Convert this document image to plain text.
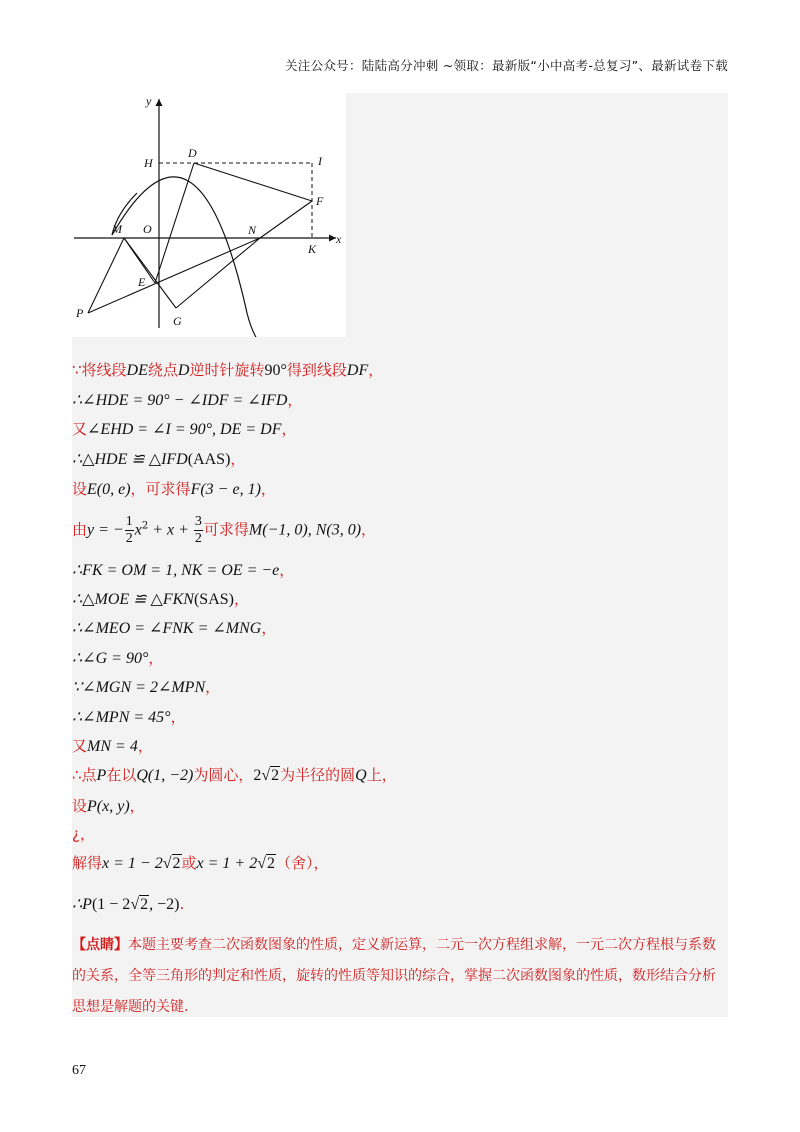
关注公众号：陆陆高分冲刺 ~领取：最新版“小中高考-总复习”、最新试卷下载
y
x
H
D
I
F
M O	N
K
E
P
G
∵将线段DE绕点D逆时针旋转90°得到线段DF，
∴∠HDE = 90° − ∠IDF = ∠IFD，
又∠EHD = ∠I = 90°, DE = DF，
∴△HDE ≌ △IFD(AAS)，
设E(0, e)，可求得F(3 − e, 1)，
由y = − $\frac{1}{2} x^2 + x + \frac{3}{2}$ 可求得M(−1, 0), N(3, 0)，
∴FK = OM = 1, NK = OE = −e，
∴△MOE ≌ △FKN(SAS)，
∴∠MEO = ∠FNK = ∠MNG，
∴∠G = 90°，
∵∠MGN = 2∠MPN，
∴∠MPN = 45°，
又MN = 4，
∴点P在以Q(1, −2)为圆心，2√2为半径的圆Q上，
设P(x, y)，
¿，
解得x = 1 − 2√2或x = 1 + 2√2（舍），
∴P(1 − 2√2, −2).
【点睛】本题主要考查二次函数图象的性质，定义新运算，二元一次方程组求解，一元二次方程根与系数的关系，全等三角形的判定和性质，旋转的性质等知识的综合，掌握二次函数图象的性质，数形结合分析思想是解题的关键.
67
